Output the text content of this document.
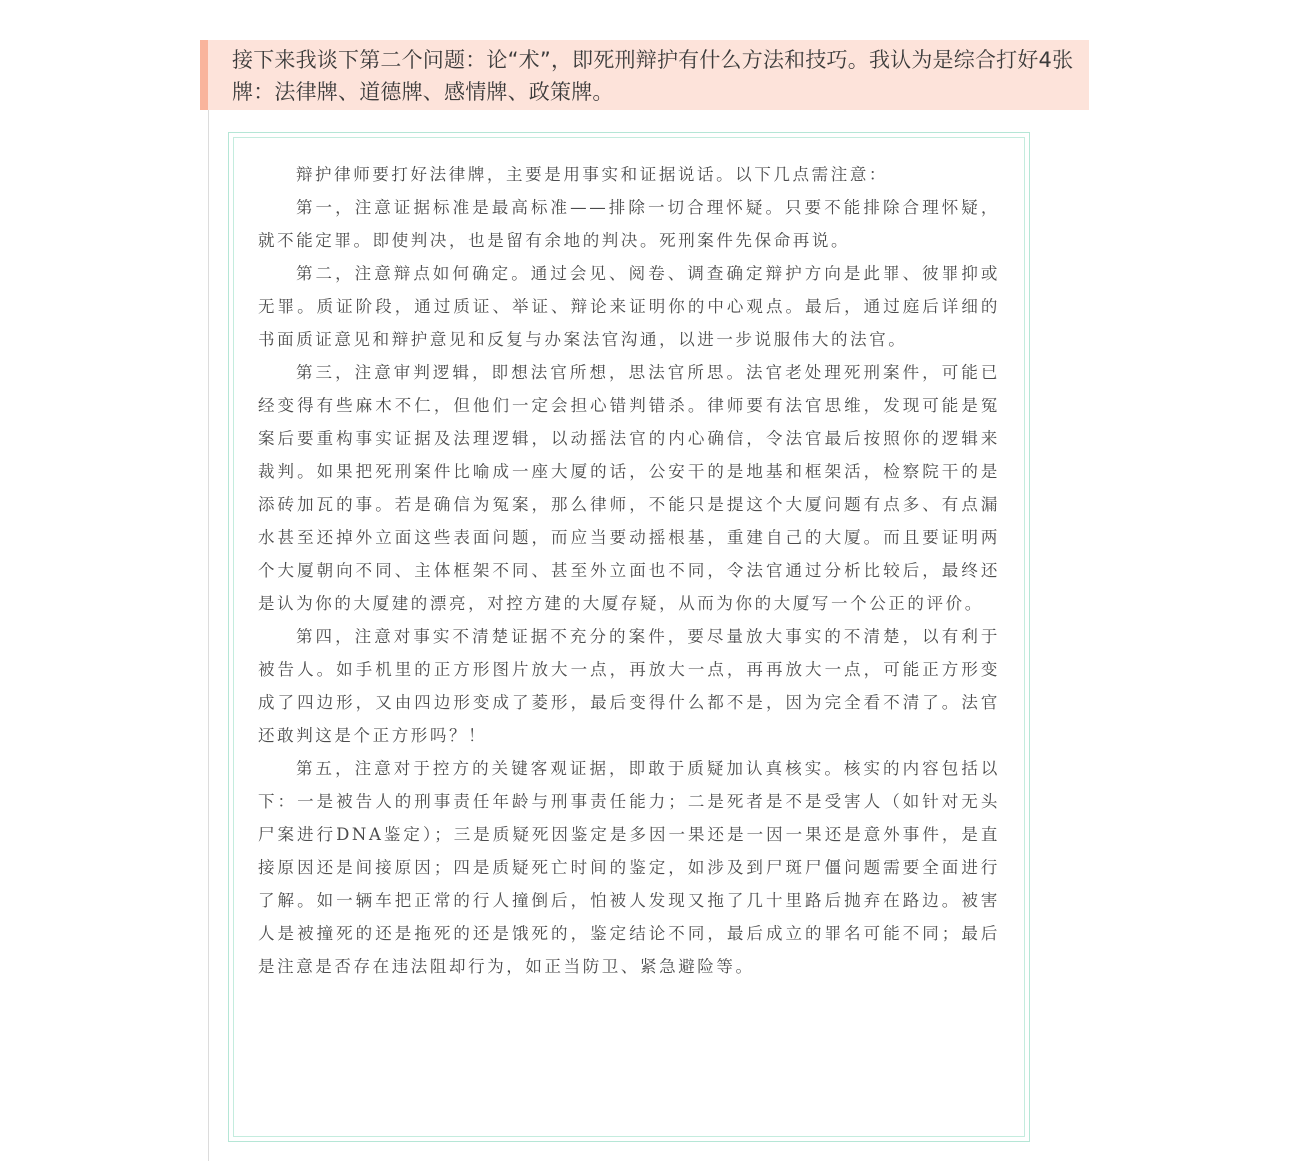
接下来我谈下第二个问题：论“术”，即死刑辩护有什么方法和技巧。我认为是综合打好4张牌：法律牌、道德牌、感情牌、政策牌。

辩护律师要打好法律牌，主要是用事实和证据说话。以下几点需注意：

第一，注意证据标准是最高标准——排除一切合理怀疑。只要不能排除合理怀疑，就不能定罪。即使判决，也是留有余地的判决。死刑案件先保命再说。

第二，注意辩点如何确定。通过会见、阅卷、调查确定辩护方向是此罪、彼罪抑或无罪。质证阶段，通过质证、举证、辩论来证明你的中心观点。最后，通过庭后详细的书面质证意见和辩护意见和反复与办案法官沟通，以进一步说服伟大的法官。

第三，注意审判逻辑，即想法官所想，思法官所思。法官老处理死刑案件，可能已经变得有些麻木不仁，但他们一定会担心错判错杀。律师要有法官思维，发现可能是冤案后要重构事实证据及法理逻辑，以动摇法官的内心确信，令法官最后按照你的逻辑来裁判。如果把死刑案件比喻成一座大厦的话，公安干的是地基和框架活，检察院干的是添砖加瓦的事。若是确信为冤案，那么律师，不能只是提这个大厦问题有点多、有点漏水甚至还掉外立面这些表面问题，而应当要动摇根基，重建自己的大厦。而且要证明两个大厦朝向不同、主体框架不同、甚至外立面也不同，令法官通过分析比较后，最终还是认为你的大厦建的漂亮，对控方建的大厦存疑，从而为你的大厦写一个公正的评价。

第四，注意对事实不清楚证据不充分的案件，要尽量放大事实的不清楚，以有利于被告人。如手机里的正方形图片放大一点，再放大一点，再再放大一点，可能正方形变成了四边形，又由四边形变成了菱形，最后变得什么都不是，因为完全看不清了。法官还敢判这是个正方形吗？！

第五，注意对于控方的关键客观证据，即敢于质疑加认真核实。核实的内容包括以下：一是被告人的刑事责任年龄与刑事责任能力；二是死者是不是受害人（如针对无头尸案进行DNA鉴定）；三是质疑死因鉴定是多因一果还是一因一果还是意外事件，是直接原因还是间接原因；四是质疑死亡时间的鉴定，如涉及到尸斑尸僵问题需要全面进行了解。如一辆车把正常的行人撞倒后，怕被人发现又拖了几十里路后抛弃在路边。被害人是被撞死的还是拖死的还是饿死的，鉴定结论不同，最后成立的罪名可能不同；最后是注意是否存在违法阻却行为，如正当防卫、紧急避险等。
